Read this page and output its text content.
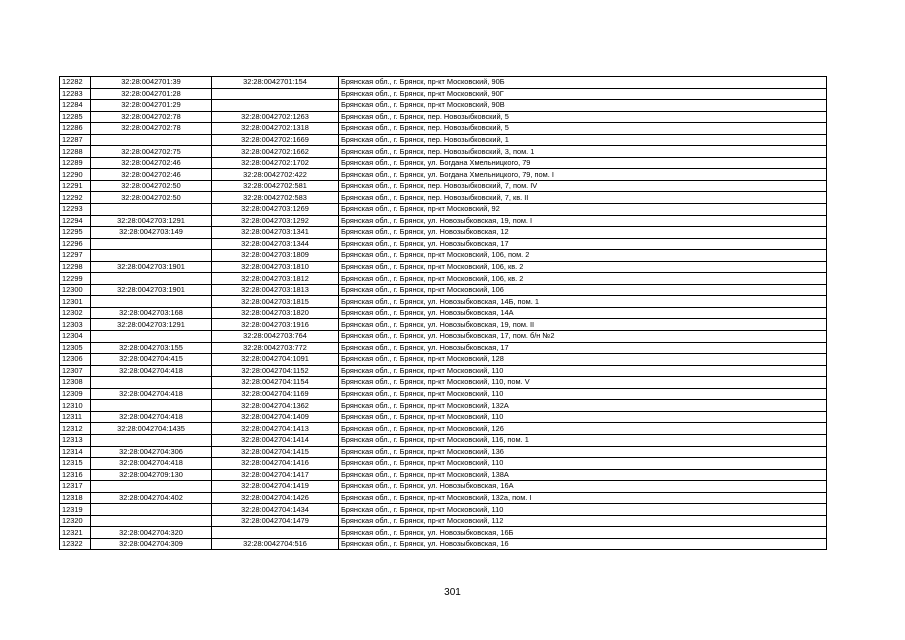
12282	32:28:0042701:39	32:28:0042701:154	Брянская обл., г. Брянск, пр-кт Московский, 90Б
12283	32:28:0042701:28		Брянская обл., г. Брянск, пр-кт Московский, 90Г
12284	32:28:0042701:29		Брянская обл., г. Брянск, пр-кт Московский, 90В
12285	32:28:0042702:78	32:28:0042702:1263	Брянская обл., г. Брянск, пер. Новозыбковский, 5
12286	32:28:0042702:78	32:28:0042702:1318	Брянская обл., г. Брянск, пер. Новозыбковский, 5
12287		32:28:0042702:1669	Брянская обл., г. Брянск, пер. Новозыбковский, 1
12288	32:28:0042702:75	32:28:0042702:1662	Брянская обл., г. Брянск, пер. Новозыбковский, 3, пом. 1
12289	32:28:0042702:46	32:28:0042702:1702	Брянская обл., г. Брянск, ул. Богдана Хмельницкого, 79
12290	32:28:0042702:46	32:28:0042702:422	Брянская обл., г. Брянск, ул. Богдана Хмельницкого, 79, пом. I
12291	32:28:0042702:50	32:28:0042702:581	Брянская обл., г. Брянск, пер. Новозыбковский, 7, пом. IV
12292	32:28:0042702:50	32:28:0042702:583	Брянская обл., г. Брянск, пер. Новозыбковский, 7, кв. II
12293		32:28:0042703:1269	Брянская обл., г. Брянск, пр-кт Московский, 92
12294	32:28:0042703:1291	32:28:0042703:1292	Брянская обл., г. Брянск, ул. Новозыбковская, 19, пом. I
12295	32:28:0042703:149	32:28:0042703:1341	Брянская обл., г. Брянск, ул. Новозыбковская, 12
12296		32:28:0042703:1344	Брянская обл., г. Брянск, ул. Новозыбковская, 17
12297		32:28:0042703:1809	Брянская обл., г. Брянск, пр-кт Московский, 106, пом. 2
12298	32:28:0042703:1901	32:28:0042703:1810	Брянская обл., г. Брянск, пр-кт Московский, 106, кв. 2
12299		32:28:0042703:1812	Брянская обл., г. Брянск, пр-кт Московский, 106, кв. 2
12300	32:28:0042703:1901	32:28:0042703:1813	Брянская обл., г. Брянск, пр-кт Московский, 106
12301		32:28:0042703:1815	Брянская обл., г. Брянск, ул. Новозыбковская, 14Б, пом. 1
12302	32:28:0042703:168	32:28:0042703:1820	Брянская обл., г. Брянск, ул. Новозыбковская, 14А
12303	32:28:0042703:1291	32:28:0042703:1916	Брянская обл., г. Брянск, ул. Новозыбковская, 19, пом. II
12304		32:28:0042703:764	Брянская обл., г. Брянск, ул. Новозыбковская, 17, пом. б/н №2
12305	32:28:0042703:155	32:28:0042703:772	Брянская обл., г. Брянск, ул. Новозыбковская, 17
12306	32:28:0042704:415	32:28:0042704:1091	Брянская обл., г. Брянск, пр-кт Московский, 128
12307	32:28:0042704:418	32:28:0042704:1152	Брянская обл., г. Брянск, пр-кт Московский, 110
12308		32:28:0042704:1154	Брянская обл., г. Брянск, пр-кт Московский, 110, пом. V
12309	32:28:0042704:418	32:28:0042704:1169	Брянская обл., г. Брянск, пр-кт Московский, 110
12310		32:28:0042704:1362	Брянская обл., г. Брянск, пр-кт Московский, 132А
12311	32:28:0042704:418	32:28:0042704:1409	Брянская обл., г. Брянск, пр-кт Московский, 110
12312	32:28:0042704:1435	32:28:0042704:1413	Брянская обл., г. Брянск, пр-кт Московский, 126
12313		32:28:0042704:1414	Брянская обл., г. Брянск, пр-кт Московский, 116, пом. 1
12314	32:28:0042704:306	32:28:0042704:1415	Брянская обл., г. Брянск, пр-кт Московский, 136
12315	32:28:0042704:418	32:28:0042704:1416	Брянская обл., г. Брянск, пр-кт Московский, 110
12316	32:28:0042709:130	32:28:0042704:1417	Брянская обл., г. Брянск, пр-кт Московский, 138А
12317		32:28:0042704:1419	Брянская обл., г. Брянск, ул. Новозыбковская, 16А
12318	32:28:0042704:402	32:28:0042704:1426	Брянская обл., г. Брянск, пр-кт Московский, 132а, пом. I
12319		32:28:0042704:1434	Брянская обл., г. Брянск, пр-кт Московский, 110
12320		32:28:0042704:1479	Брянская обл., г. Брянск, пр-кт Московский, 112
12321	32:28:0042704:320		Брянская обл., г. Брянск, ул. Новозыбковская, 16Б
12322	32:28:0042704:309	32:28:0042704:516	Брянская обл., г. Брянск, ул. Новозыбковская, 16
301
